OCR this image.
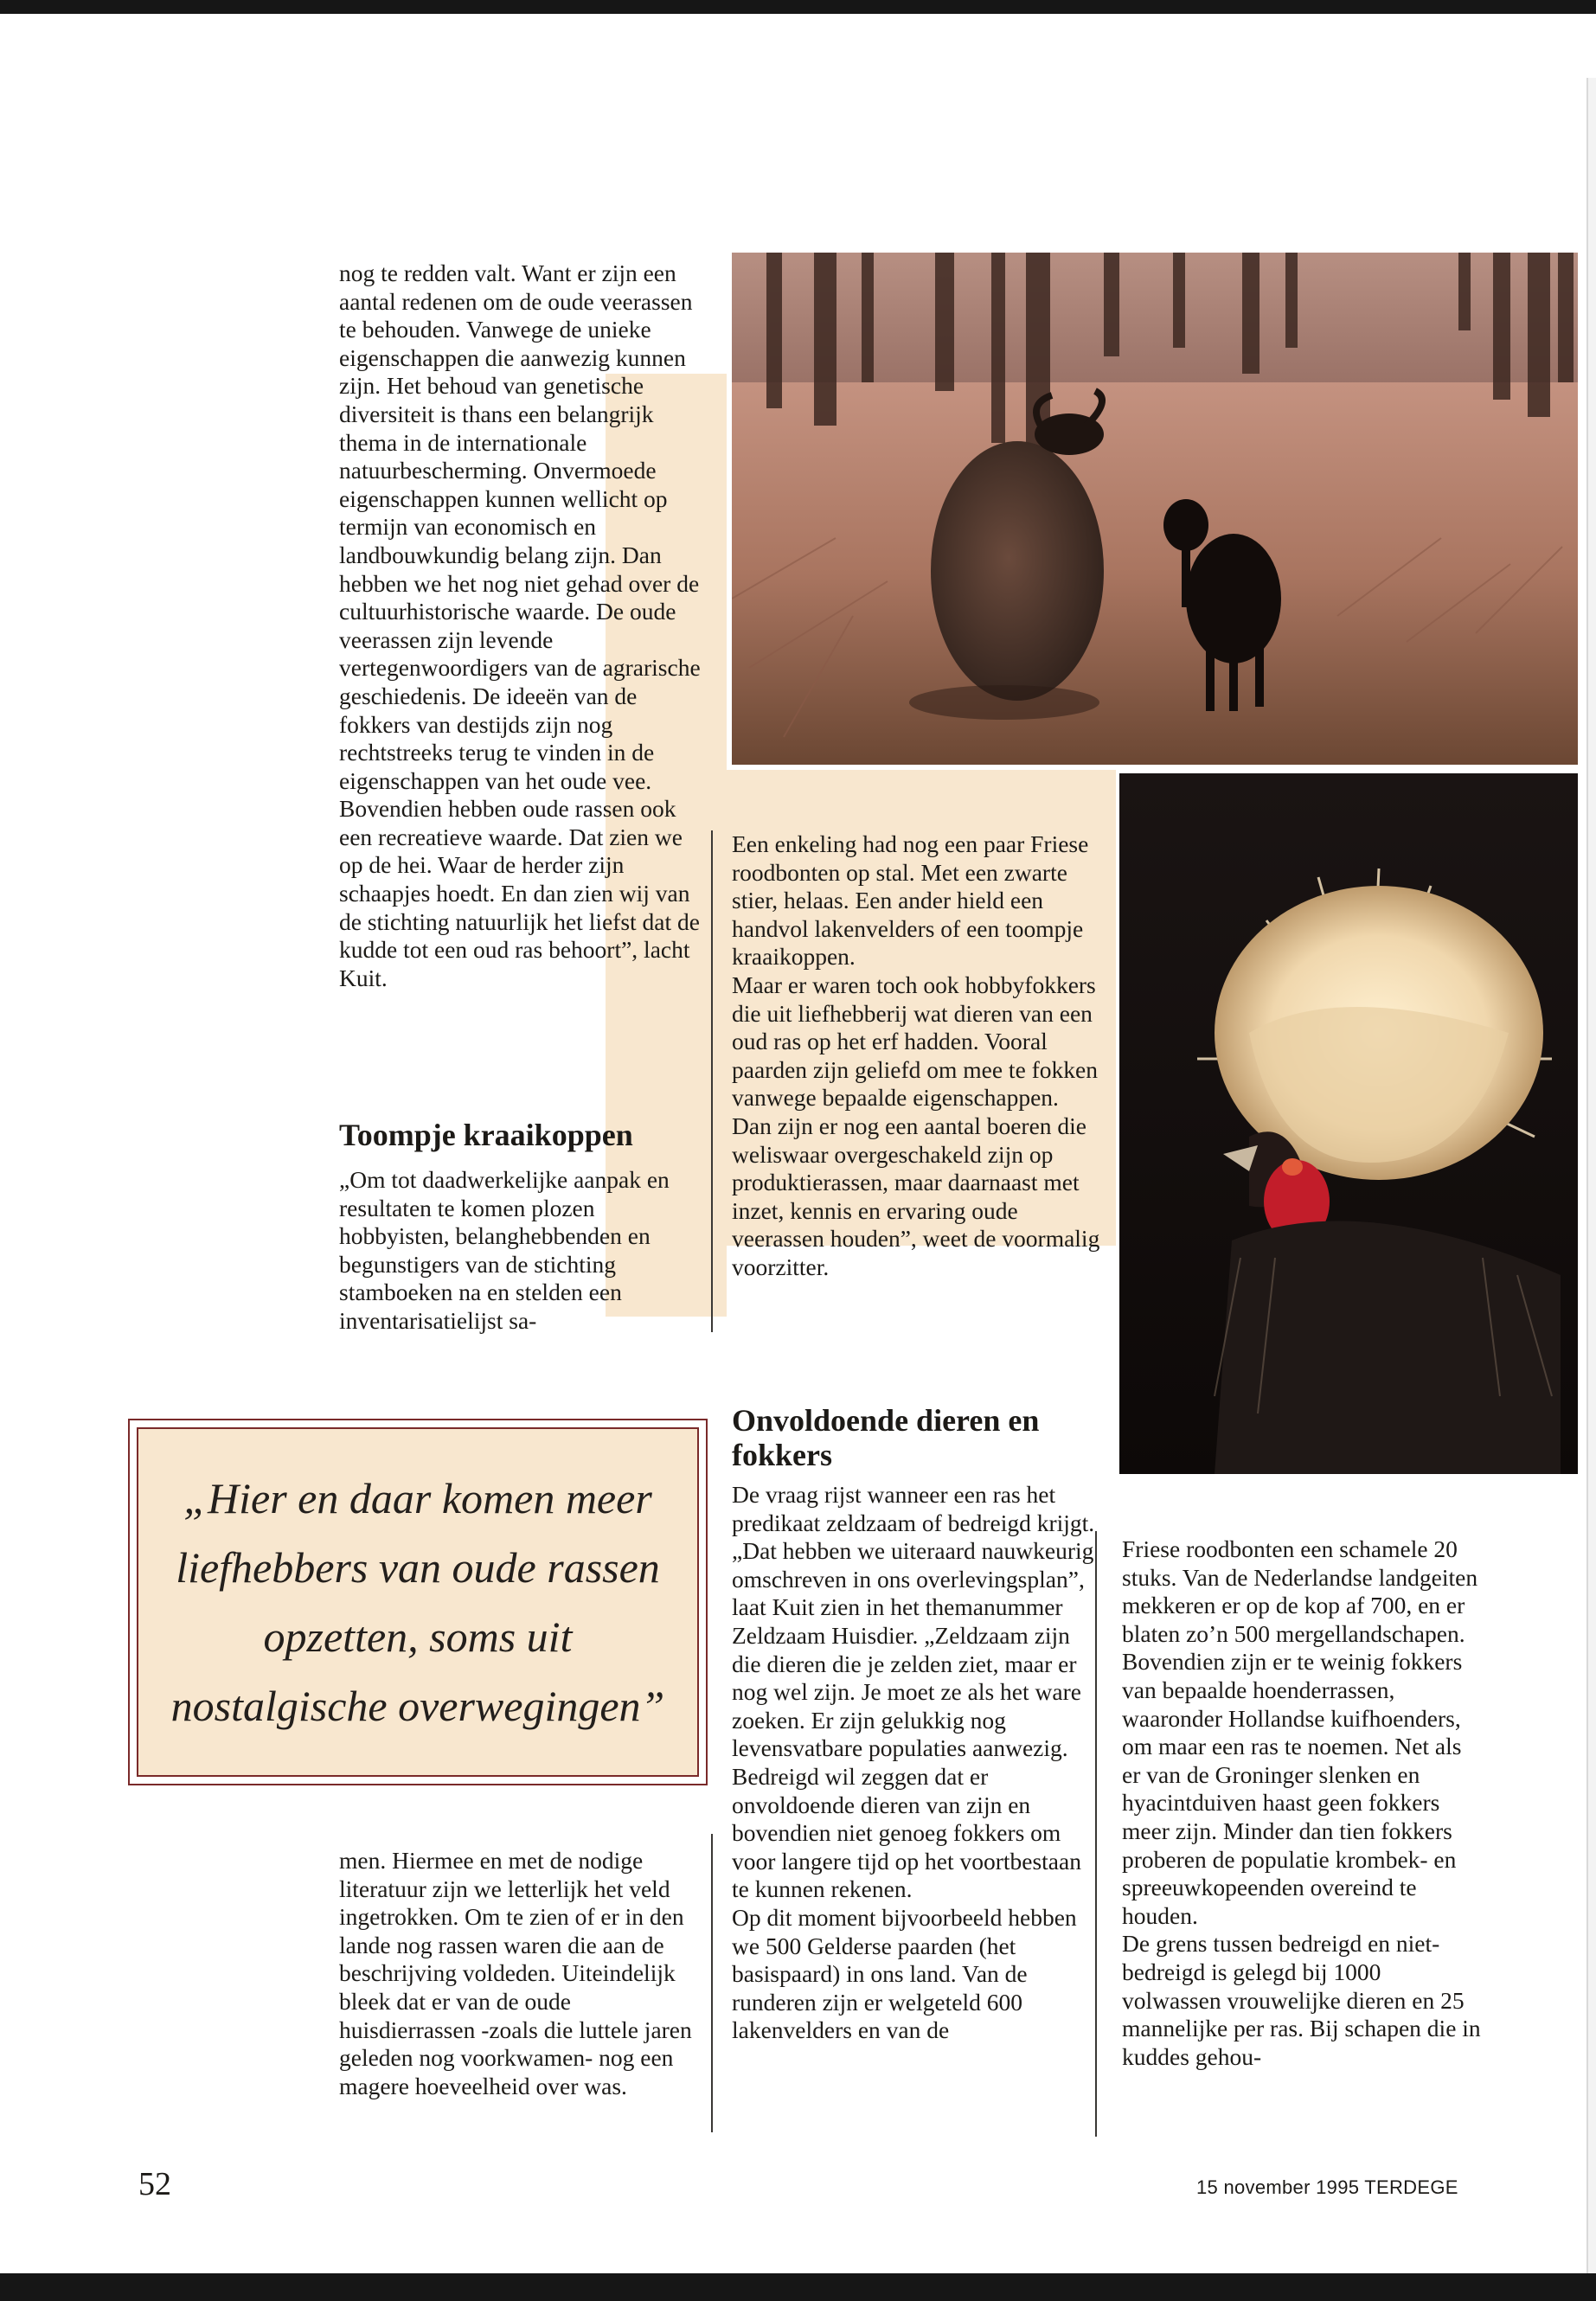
nog te redden valt. Want er zijn een aantal redenen om de oude veerassen te behouden. Vanwege de unieke eigenschappen die aanwezig kunnen zijn. Het behoud van genetische diversiteit is thans een belangrijk thema in de internationale natuurbescherming. Onvermoede eigenschappen kunnen wellicht op termijn van economisch en landbouwkundig belang zijn. Dan hebben we het nog niet gehad over de cultuurhistorische waarde. De oude veerassen zijn levende vertegenwoordigers van de agrarische geschiedenis. De ideeën van de fokkers van destijds zijn nog rechtstreeks terug te vinden in de eigenschappen van het oude vee. Bovendien hebben oude rassen ook een recreatieve waarde. Dat zien we op de hei. Waar de herder zijn schaapjes hoedt. En dan zien wij van de stichting natuurlijk het liefst dat de kudde tot een oud ras behoort”, lacht Kuit.

Toompje kraaikoppen

„Om tot daadwerkelijke aanpak en resultaten te komen plozen hobbyisten, belanghebbenden en begunstigers van de stichting stamboeken na en stelden een inventarisatielijst sa-

„Hier en daar komen meer liefhebbers van oude rassen opzetten, soms uit nostalgische overwegingen”

men. Hiermee en met de nodige literatuur zijn we letterlijk het veld ingetrokken. Om te zien of er in den lande nog rassen waren die aan de beschrijving voldeden. Uiteindelijk bleek dat er van de oude huisdierrassen -zoals die luttele jaren geleden nog voorkwamen- nog een magere hoeveelheid over was.

Een enkeling had nog een paar Friese roodbonten op stal. Met een zwarte stier, helaas. Een ander hield een handvol lakenvelders of een toompje kraaikoppen.

Maar er waren toch ook hobbyfokkers die uit liefhebberij wat dieren van een oud ras op het erf hadden. Vooral paarden zijn geliefd om mee te fokken vanwege bepaalde eigenschappen. Dan zijn er nog een aantal boeren die weliswaar overgeschakeld zijn op produktierassen, maar daarnaast met inzet, kennis en ervaring oude veerassen houden”, weet de voormalig voorzitter.

Onvoldoende dieren en fokkers

De vraag rijst wanneer een ras het predikaat zeldzaam of bedreigd krijgt. „Dat hebben we uiteraard nauwkeurig omschreven in ons overlevingsplan”, laat Kuit zien in het themanummer Zeldzaam Huisdier. „Zeldzaam zijn die dieren die je zelden ziet, maar er nog wel zijn. Je moet ze als het ware zoeken. Er zijn gelukkig nog levensvatbare populaties aanwezig. Bedreigd wil zeggen dat er onvoldoende dieren van zijn en bovendien niet genoeg fokkers om voor langere tijd op het voortbestaan te kunnen rekenen.

Op dit moment bijvoorbeeld hebben we 500 Gelderse paarden (het basispaard) in ons land. Van de runderen zijn er welgeteld 600 lakenvelders en van de

Friese roodbonten een schamele 20 stuks. Van de Nederlandse landgeiten mekkeren er op de kop af 700, en er blaten zo’n 500 mergellandschapen. Bovendien zijn er te weinig fokkers van bepaalde hoenderrassen, waaronder Hollandse kuifhoenders, om maar een ras te noemen. Net als er van de Groninger slenken en hyacintduiven haast geen fokkers meer zijn. Minder dan tien fokkers proberen de populatie krombek- en spreeuwkopeenden overeind te houden.

De grens tussen bedreigd en niet-bedreigd is gelegd bij 1000 volwassen vrouwelijke dieren en 25 mannelijke per ras. Bij schapen die in kuddes gehou-

52	15 november 1995 TERDEGE
